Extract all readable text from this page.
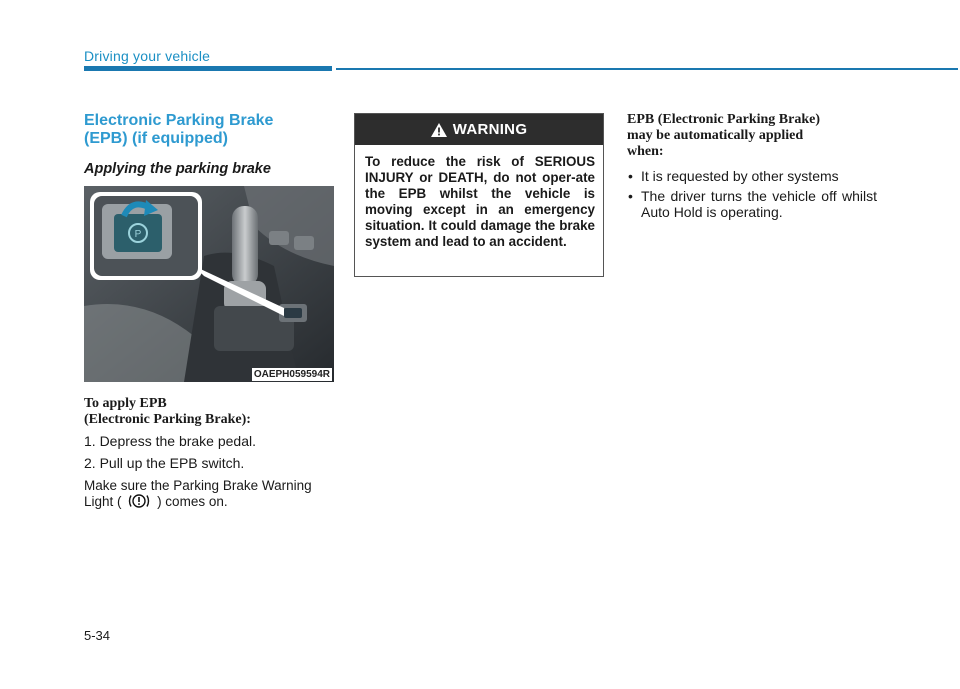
Driving your vehicle
Electronic Parking Brake
(EPB) (if equipped)
Applying the parking brake
P
OAEPH059594R

To apply EPB
(Electronic Parking Brake):

1. Depress the brake pedal.
2. Pull up the EPB switch.
Make sure the Parking Brake Warning
Light (	) comes on.
WARNING
To reduce the risk of SERIOUS INJURY or DEATH, do not oper-ate the EPB whilst the vehicle is moving except in an emergency situation. It could damage the brake system and lead to an accident.

EPB (Electronic Parking Brake)
may be automatically applied
when:

• It is requested by other systems
• The driver turns the vehicle off whilst Auto Hold is operating.
5-34
